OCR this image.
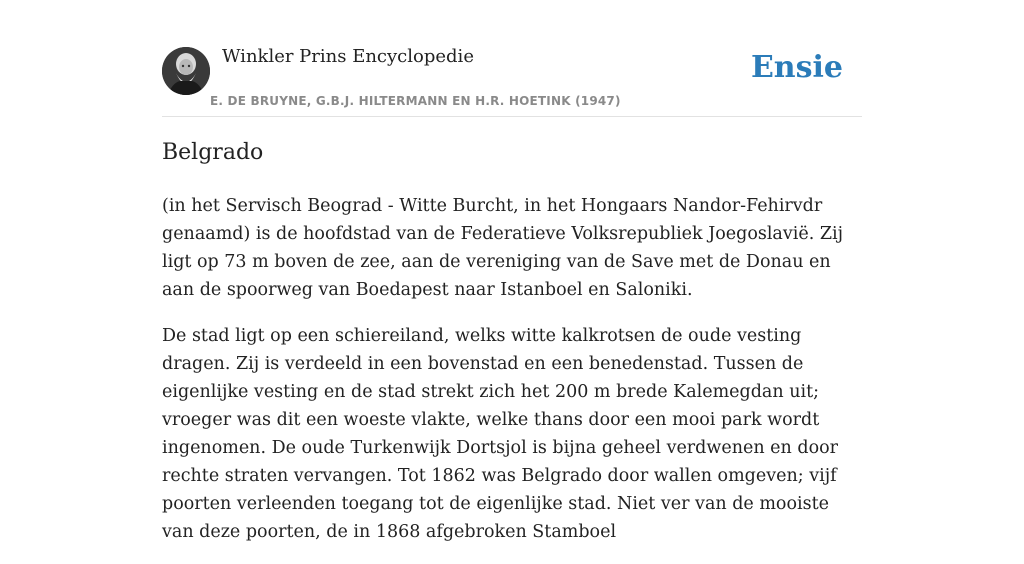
Winkler Prins Encyclopedie
E. DE BRUYNE, G.B.J. HILTERMANN EN H.R. HOETINK (1947)
Ensie
Belgrado

(in het Servisch Beograd - Witte Burcht, in het Hongaars Nandor-Fehirvdr genaamd) is de hoofdstad van de Federatieve Volksrepubliek Joegoslavië. Zij ligt op 73 m boven de zee, aan de vereniging van de Save met de Donau en aan de spoorweg van Boedapest naar Istanboel en Saloniki.

De stad ligt op een schiereiland, welks witte kalkrotsen de oude vesting dragen. Zij is verdeeld in een bovenstad en een benedenstad. Tussen de eigenlijke vesting en de stad strekt zich het 200 m brede Kalemegdan uit; vroeger was dit een woeste vlakte, welke thans door een mooi park wordt ingenomen. De oude Turkenwijk Dortsjol is bijna geheel verdwenen en door rechte straten vervangen. Tot 1862 was Belgrado door wallen omgeven; vijf poorten verleenden toegang tot de eigenlijke stad. Niet ver van de mooiste van deze poorten, de in 1868 afgebroken Stamboel
